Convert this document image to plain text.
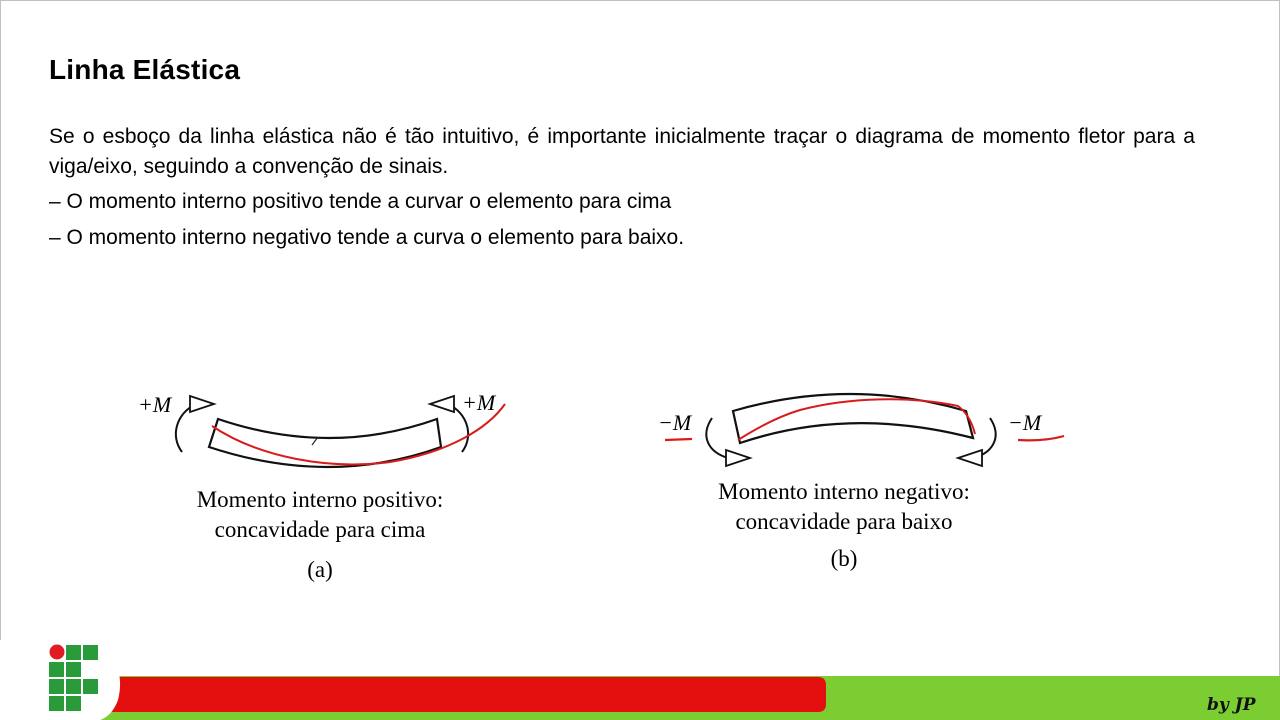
Linha Elástica

Se o esboço da linha elástica não é tão intuitivo, é importante inicialmente traçar o diagrama de momento fletor para a viga/eixo, seguindo a convenção de sinais.

– O momento interno positivo tende a curvar o elemento para cima

– O momento interno negativo tende a curva o elemento para baixo.

+M	+M
Momento interno positivo:
concavidade para cima
(a)
−M	−M
Momento interno negativo:
concavidade para baixo
(b)
by JP
